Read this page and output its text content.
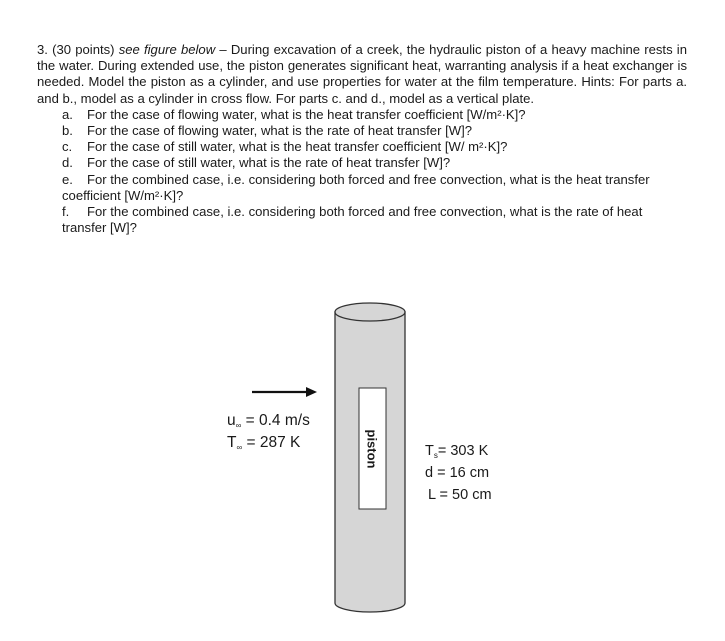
3. (30 points) see figure below – During excavation of a creek, the hydraulic piston of a heavy machine rests in the water. During extended use, the piston generates significant heat, warranting analysis if a heat exchanger is needed. Model the piston as a cylinder, and use properties for water at the film temperature. Hints: For parts a. and b., model as a cylinder in cross flow. For parts c. and d., model as a vertical plate.

a. For the case of flowing water, what is the heat transfer coefficient [W/m²·K]?
b. For the case of flowing water, what is the rate of heat transfer [W]?
c. For the case of still water, what is the heat transfer coefficient [W/ m²·K]?
d. For the case of still water, what is the rate of heat transfer [W]?
e. For the combined case, i.e. considering both forced and free convection, what is the heat transfer coefficient [W/m²·K]?
f. For the combined case, i.e. considering both forced and free convection, what is the rate of heat transfer [W]?
piston
$u_\infty = 0.4$ m/s
$T_\infty = 287$ K	$T_s= 303$ K
d = 16 cm
L = 50 cm
